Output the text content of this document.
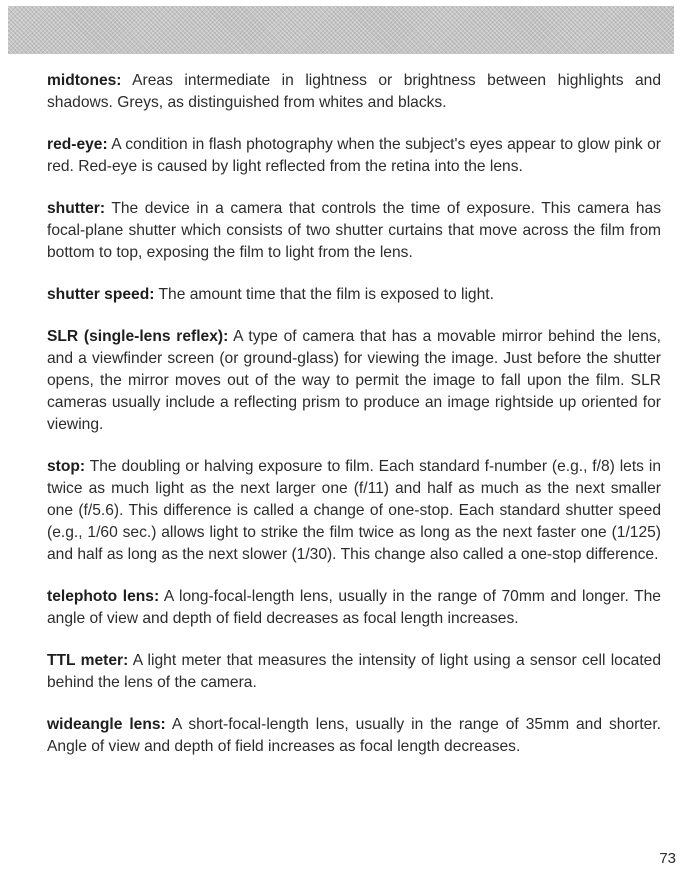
midtones: Areas intermediate in lightness or brightness between highlights and shadows. Greys, as distinguished from whites and blacks.

red-eye: A condition in flash photography when the subject's eyes appear to glow pink or red. Red-eye is caused by light reflected from the retina into the lens.

shutter: The device in a camera that controls the time of exposure. This camera has focal-plane shutter which consists of two shutter curtains that move across the film from bottom to top, exposing the film to light from the lens.

shutter speed: The amount time that the film is exposed to light.

SLR (single-lens reflex): A type of camera that has a movable mirror behind the lens, and a viewfinder screen (or ground-glass) for viewing the image. Just before the shutter opens, the mirror moves out of the way to permit the image to fall upon the film. SLR cameras usually include a reflecting prism to produce an image rightside up oriented for viewing.

stop: The doubling or halving exposure to film. Each standard f-number (e.g., f/8) lets in twice as much light as the next larger one (f/11) and half as much as the next smaller one (f/5.6). This difference is called a change of one-stop. Each standard shutter speed (e.g., 1/60 sec.) allows light to strike the film twice as long as the next faster one (1/125) and half as long as the next slower (1/30). This change also called a one-stop difference.

telephoto lens: A long-focal-length lens, usually in the range of 70mm and longer. The angle of view and depth of field decreases as focal length increases.

TTL meter: A light meter that measures the intensity of light using a sensor cell located behind the lens of the camera.

wideangle lens: A short-focal-length lens, usually in the range of 35mm and shorter. Angle of view and depth of field increases as focal length decreases.

73
